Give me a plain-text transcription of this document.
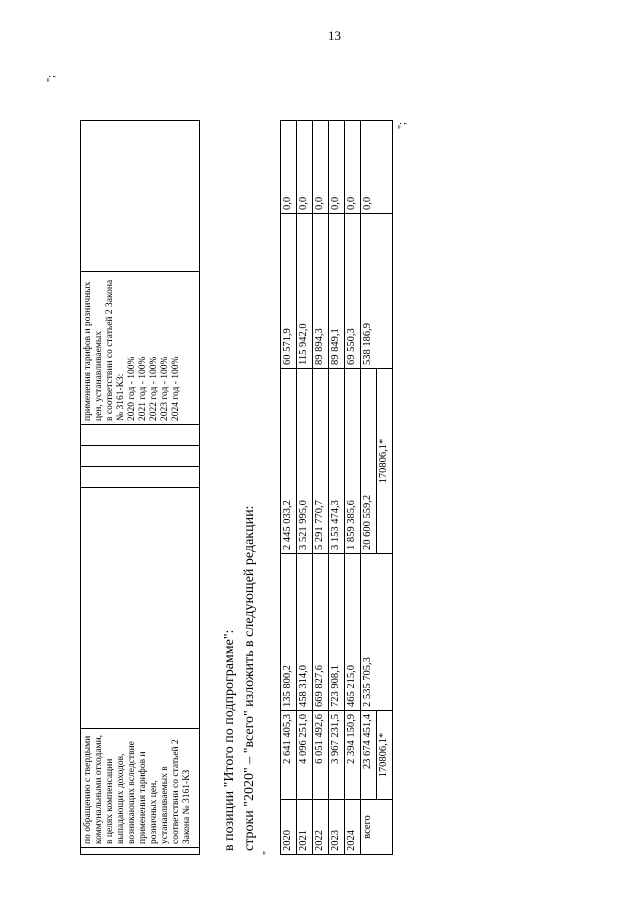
13
";
	по обращению с твердыми коммунальными отходами, в целях компенсации выпадающих доходов, возникающих вследствие применения тарифов и розничных цен, устанавливаемых в соответствии со статьей 2 Закона № 3161-КЗ					
применения тарифов и розничных цен, устанавливаемых в соответствии со статьей 2 Закона № 3161-КЗ: 2020 год - 100% 2021 год - 100% 2022 год - 100% 2023 год - 100% 2024 год - 100%

в позиции "Итого по подпрограмме": строки "2020" – "всего" изложить в следующей редакции:
"
2020	2 641 405,3	135 800,2	2 445 033,2	60 571,9	0,0
2021	4 096 251,0	458 314,0	3 521 995,0	115 942,0	0,0
2022	6 051 492,6	669 827,6	5 291 770,7	89 894,3	0,0
2023	3 967 231,5	723 908,1	3 153 474,3	89 849,1	0,0
2024	2 394 150,9	465 215,0	1 859 385,6	69 550,3	0,0
всего	23 674 451,4	2 535 705,3	20 600 559,2	538 186,9	0,0
	170806,1*		170806,1*		
";
